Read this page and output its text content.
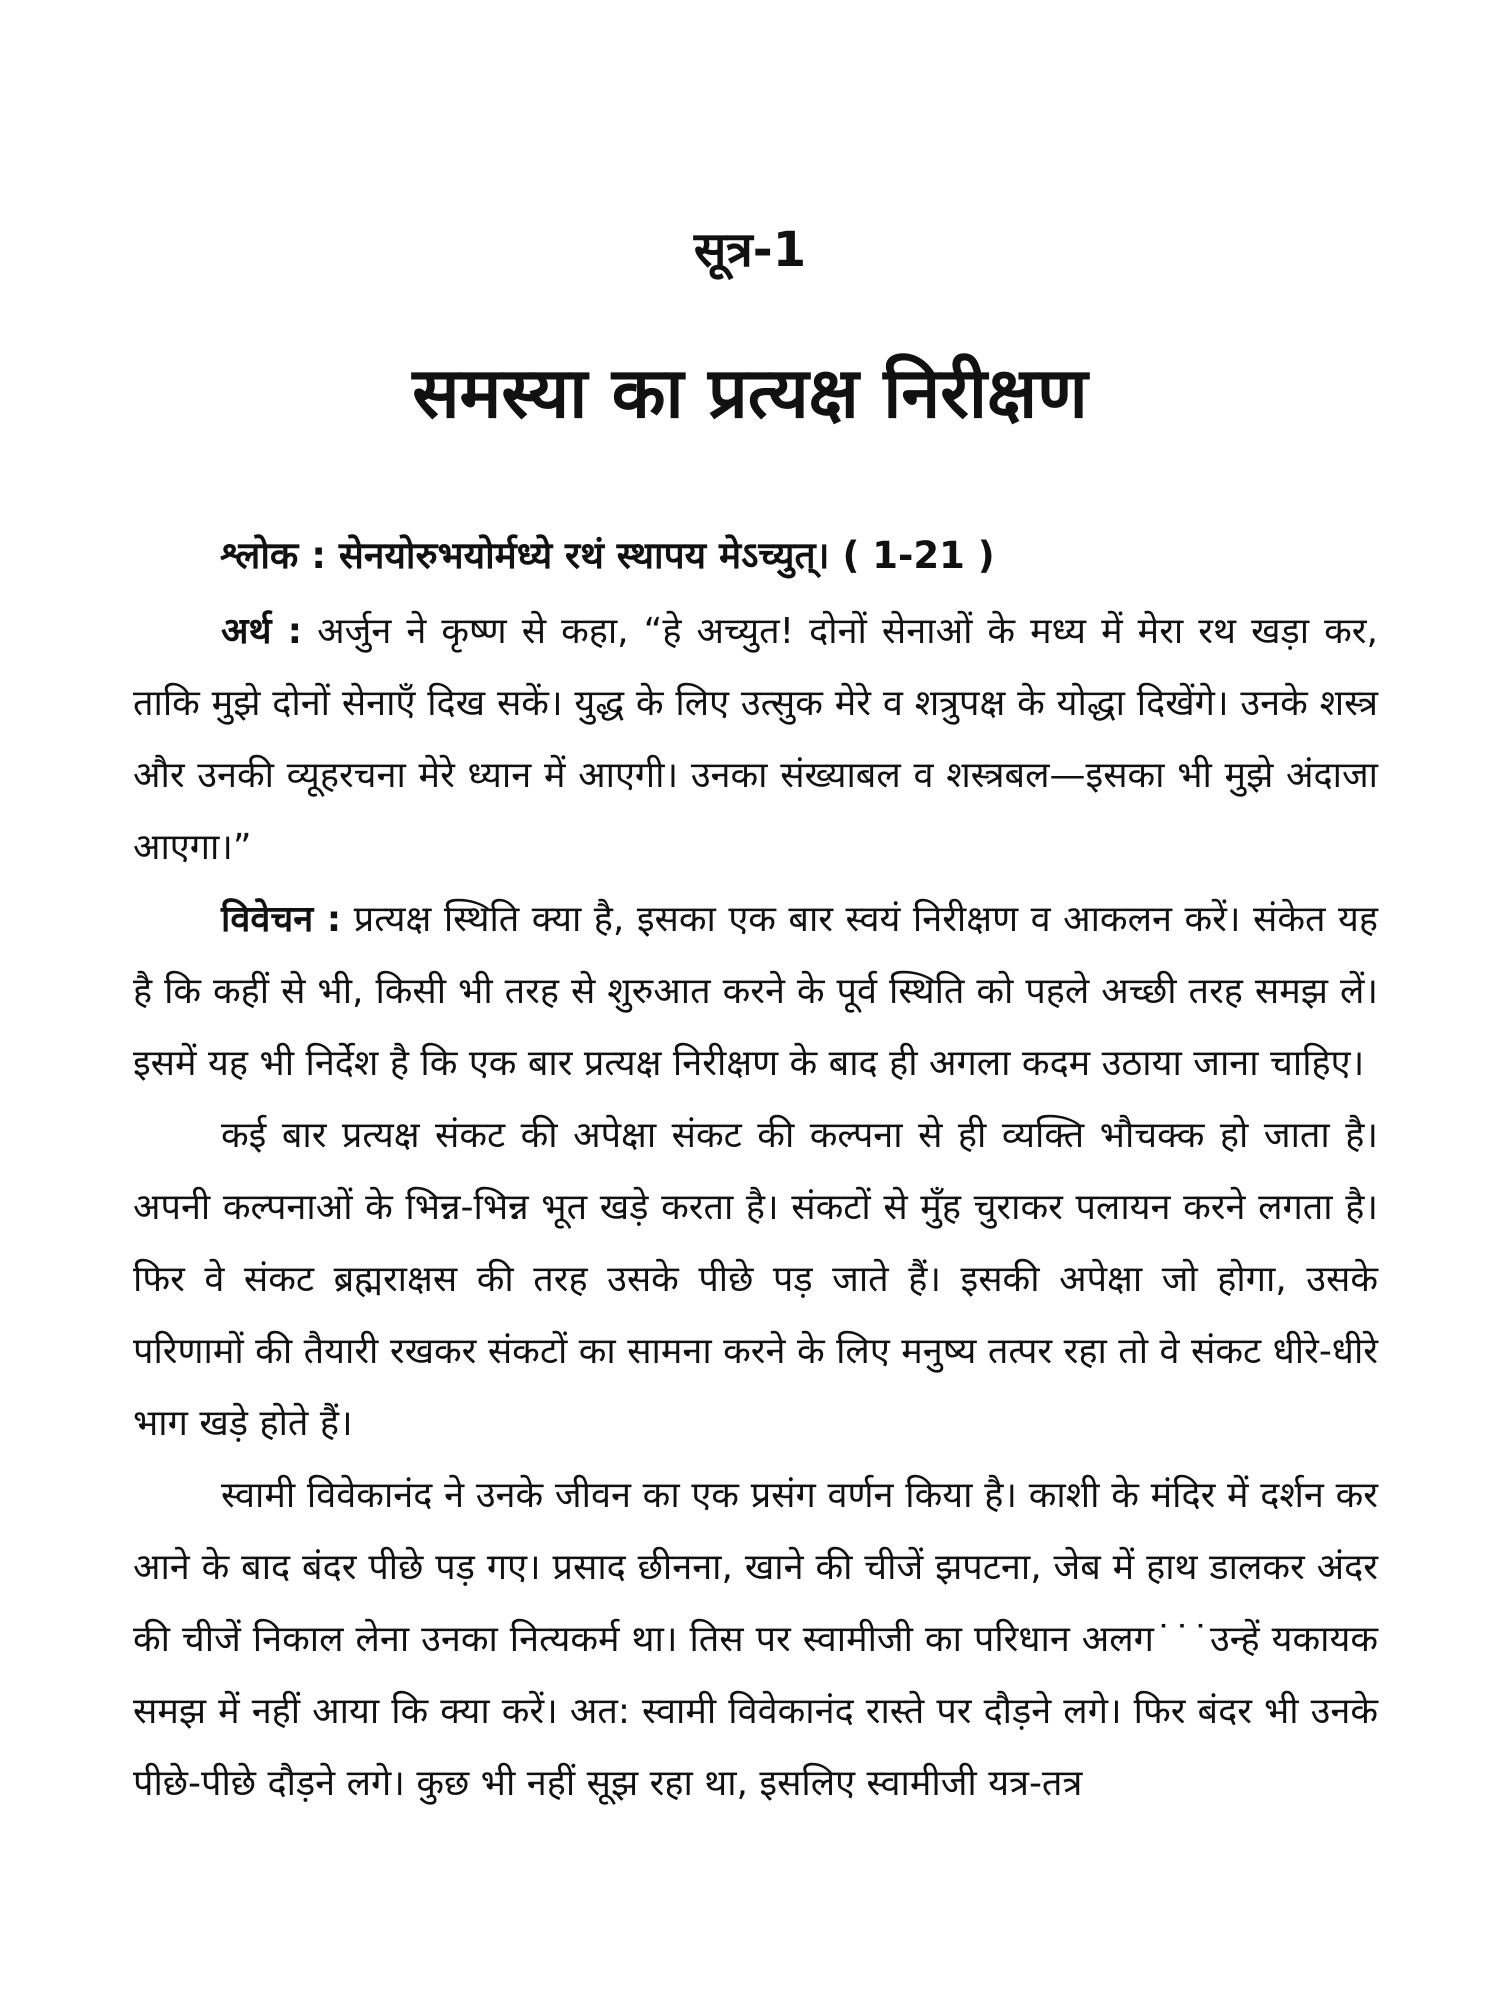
सूत्र-1
समस्या का प्रत्यक्ष निरीक्षण
श्लोक : सेनयोरुभयोर्मध्ये रथं स्थापय मेऽच्युत्। ( 1-21 )

अर्थ : अर्जुन ने कृष्ण से कहा, “हे अच्युत! दोनों सेनाओं के मध्य में मेरा रथ खड़ा कर, ताकि मुझे दोनों सेनाएँ दिख सकें। युद्ध के लिए उत्सुक मेरे व शत्रुपक्ष के योद्धा दिखेंगे। उनके शस्त्र और उनकी व्यूहरचना मेरे ध्यान में आएगी। उनका संख्याबल व शस्त्रबल—इसका भी मुझे अंदाजा आएगा।”

विवेचन : प्रत्यक्ष स्थिति क्या है, इसका एक बार स्वयं निरीक्षण व आकलन करें। संकेत यह है कि कहीं से भी, किसी भी तरह से शुरुआत करने के पूर्व स्थिति को पहले अच्छी तरह समझ लें। इसमें यह भी निर्देश है कि एक बार प्रत्यक्ष निरीक्षण के बाद ही अगला कदम उठाया जाना चाहिए।

कई बार प्रत्यक्ष संकट की अपेक्षा संकट की कल्पना से ही व्यक्ति भौचक्क हो जाता है। अपनी कल्पनाओं के भिन्न-भिन्न भूत खड़े करता है। संकटों से मुँह चुराकर पलायन करने लगता है। फिर वे संकट ब्रह्मराक्षस की तरह उसके पीछे पड़ जाते हैं। इसकी अपेक्षा जो होगा, उसके परिणामों की तैयारी रखकर संकटों का सामना करने के लिए मनुष्य तत्पर रहा तो वे संकट धीरे-धीरे भाग खड़े होते हैं।

स्वामी विवेकानंद ने उनके जीवन का एक प्रसंग वर्णन किया है। काशी के मंदिर में दर्शन कर आने के बाद बंदर पीछे पड़ गए। प्रसाद छीनना, खाने की चीजें झपटना, जेब में हाथ डालकर अंदर की चीजें निकाल लेना उनका नित्यकर्म था। तिस पर स्वामीजी का परिधान अलग˙˙˙उन्हें यकायक समझ में नहीं आया कि क्या करें। अत: स्वामी विवेकानंद रास्ते पर दौड़ने लगे। फिर बंदर भी उनके पीछे-पीछे दौड़ने लगे। कुछ भी नहीं सूझ रहा था, इसलिए स्वामीजी यत्र-तत्र
